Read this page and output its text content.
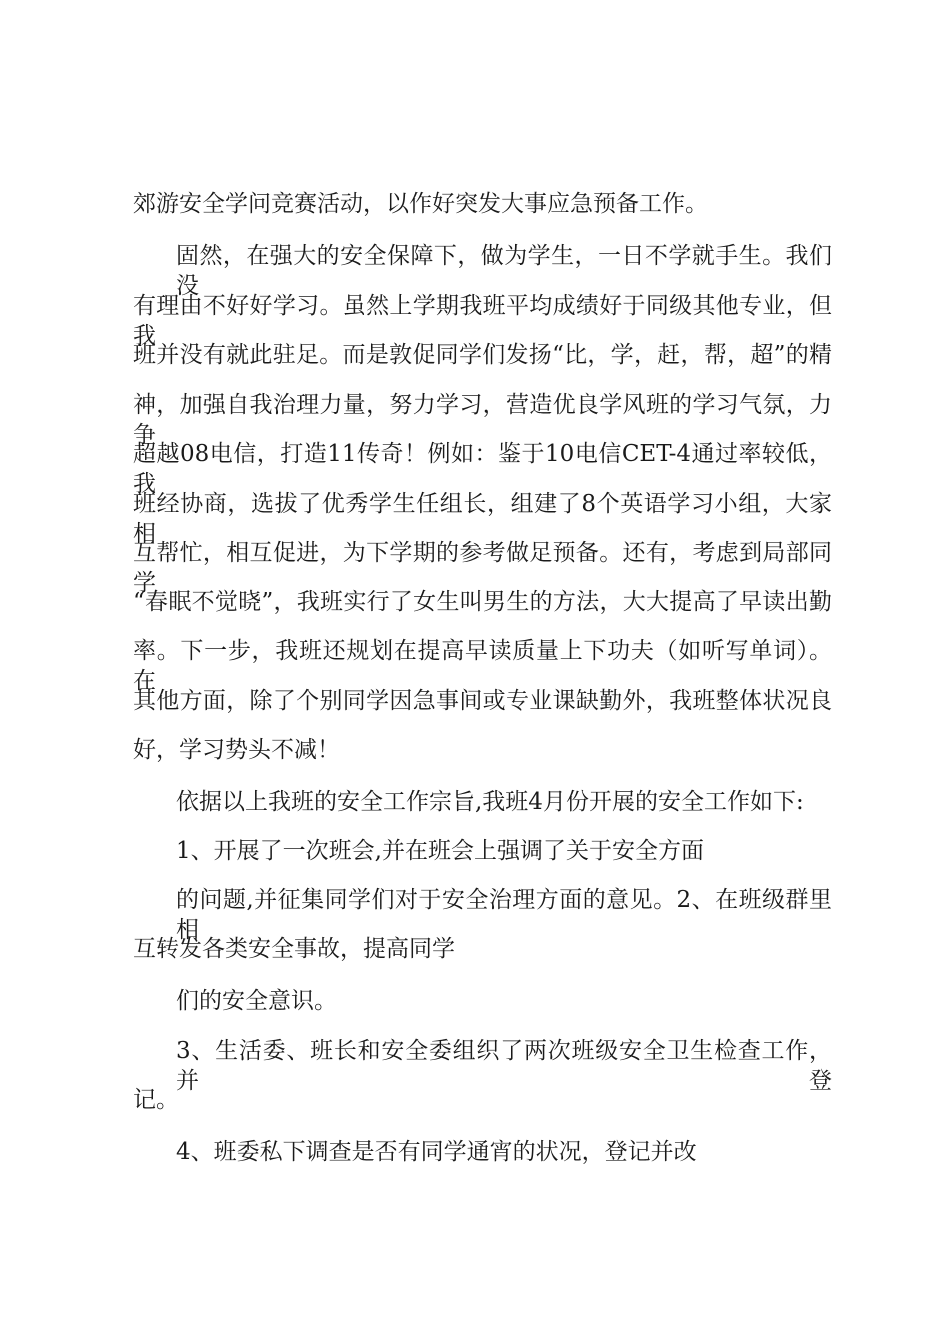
郊游安全学问竞赛活动，以作好突发大事应急预备工作。
固然，在强大的安全保障下，做为学生，一日不学就手生。我们没
有理由不好好学习。虽然上学期我班平均成绩好于同级其他专业，但我
班并没有就此驻足。而是敦促同学们发扬“比，学，赶，帮，超”的精
神，加强自我治理力量，努力学习，营造优良学风班的学习气氛，力争
超越08电信，打造11传奇！例如：鉴于10电信CET-4通过率较低，我
班经协商，选拔了优秀学生任组长，组建了8个英语学习小组，大家相
互帮忙，相互促进，为下学期的参考做足预备。还有，考虑到局部同学
“春眠不觉晓”，我班实行了女生叫男生的方法，大大提高了早读出勤
率。下一步，我班还规划在提高早读质量上下功夫（如听写单词）。在
其他方面，除了个别同学因急事间或专业课缺勤外，我班整体状况良
好，学习势头不减！
依据以上我班的安全工作宗旨,我班4月份开展的安全工作如下:
1、开展了一次班会,并在班会上强调了关于安全方面
的问题,并征集同学们对于安全治理方面的意见。2、在班级群里相
互转发各类安全事故，提高同学
们的安全意识。
3、生活委、班长和安全委组织了两次班级安全卫生检查工作，并登
记。
4、班委私下调查是否有同学通宵的状况，登记并改
